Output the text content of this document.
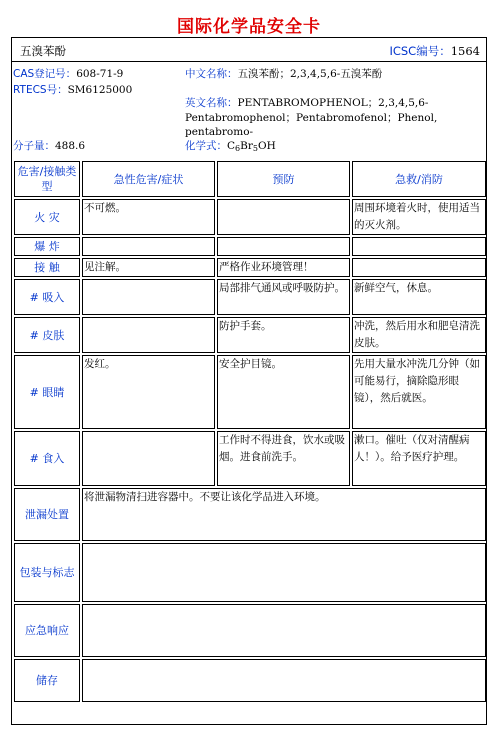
国际化学品安全卡
五溴苯酚	ICSC编号：1564
CAS登记号：608-71-9
RTECS号：SM6125000
分子量：488.6
中文名称：五溴苯酚；2,3,4,5,6-五溴苯酚
英文名称：PENTABROMOPHENOL；2,3,4,5,6-
Pentabromophenol；Pentabromofenol；Phenol,
pentabromo-
化学式：$C_6Br_5OH$
危害/接触类型	急性危害/症状	预防	急救/消防
火 灾	不可燃。		周围环境着火时，使用适当的灭火剂。
爆 炸			
接 触	见注解。	严格作业环境管理！	
# 吸入		局部排气通风或呼吸防护。	新鲜空气，休息。
# 皮肤		防护手套。	冲洗，然后用水和肥皂清洗皮肤。
# 眼睛	发红。	安全护目镜。	先用大量水冲洗几分钟（如可能易行，摘除隐形眼镜），然后就医。
# 食入		工作时不得进食，饮水或吸烟。进食前洗手。	漱口。催吐（仅对清醒病人！）。给予医疗护理。
泄漏处置	将泄漏物清扫进容器中。不要让该化学品进入环境。		
包装与标志			
应急响应			
储存			
